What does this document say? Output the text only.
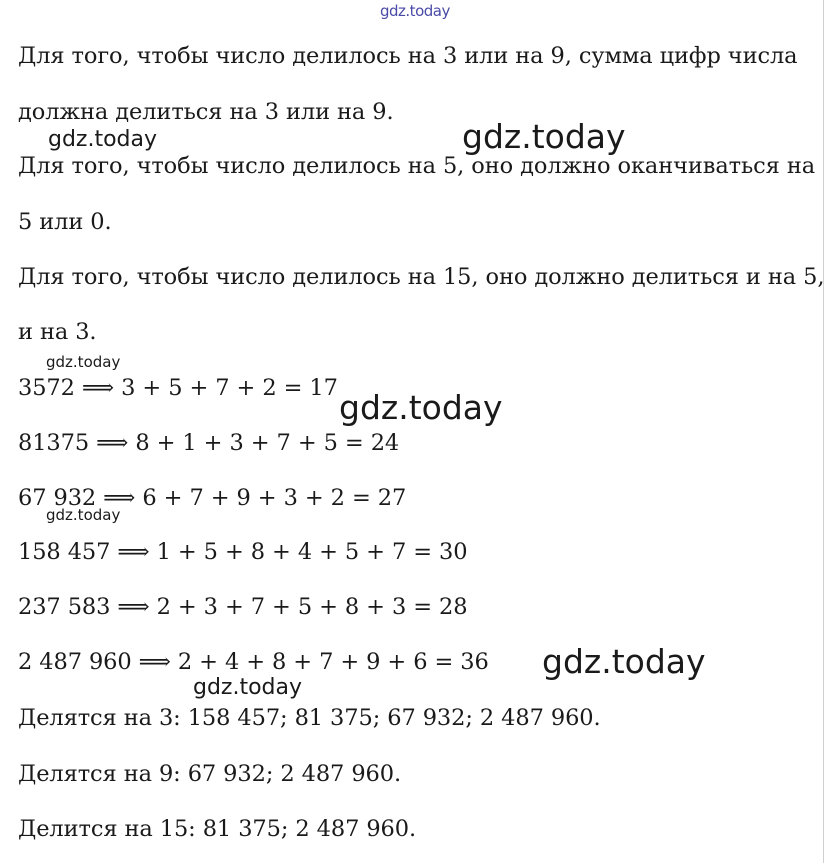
gdz.today
gdz.today	gdz.today
gdz.today
gdz.today
gdz.today
gdz.today
gdz.today
Для того, чтобы число делилось на 3 или на 9, сумма цифр числа
должна делиться на 3 или на 9.
Для того, чтобы число делилось на 5, оно должно оканчиваться на
5 или 0.
Для того, чтобы число делилось на 15, оно должно делиться и на 5,
и на 3.
3572 ⟹ 3 + 5 + 7 + 2 = 17
81375 ⟹ 8 + 1 + 3 + 7 + 5 = 24
67 932 ⟹ 6 + 7 + 9 + 3 + 2 = 27
158 457 ⟹ 1 + 5 + 8 + 4 + 5 + 7 = 30
237 583 ⟹ 2 + 3 + 7 + 5 + 8 + 3 = 28
2 487 960 ⟹ 2 + 4 + 8 + 7 + 9 + 6 = 36
Делятся на 3: 158 457; 81 375; 67 932; 2 487 960.
Делятся на 9: 67 932; 2 487 960.
Делится на 15: 81 375; 2 487 960.
